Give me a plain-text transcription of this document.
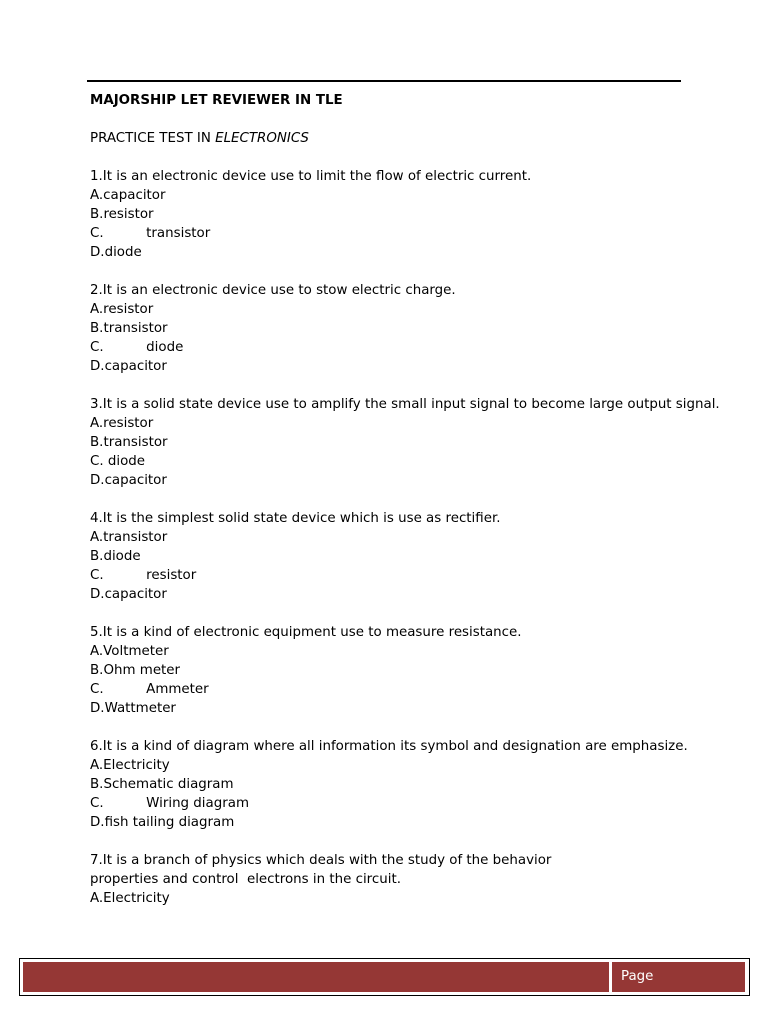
MAJORSHIP LET REVIEWER IN TLE
PRACTICE TEST IN ELECTRONICS
1.It is an electronic device use to limit the flow of electric current.
A.capacitor
B.resistor
C.          transistor
D.diode
2.It is an electronic device use to stow electric charge.
A.resistor
B.transistor
C.          diode
D.capacitor
3.It is a solid state device use to amplify the small input signal to become large output signal.
A.resistor
B.transistor
C. diode
D.capacitor
4.It is the simplest solid state device which is use as rectifier.
A.transistor
B.diode
C.          resistor
D.capacitor
5.It is a kind of electronic equipment use to measure resistance.
A.Voltmeter
B.Ohm meter
C.          Ammeter
D.Wattmeter
6.It is a kind of diagram where all information its symbol and designation are emphasize.
A.Electricity
B.Schematic diagram
C.          Wiring diagram
D.fish tailing diagram
7.It is a branch of physics which deals with the study of the behavior
properties and control  electrons in the circuit.
A.Electricity
Page
